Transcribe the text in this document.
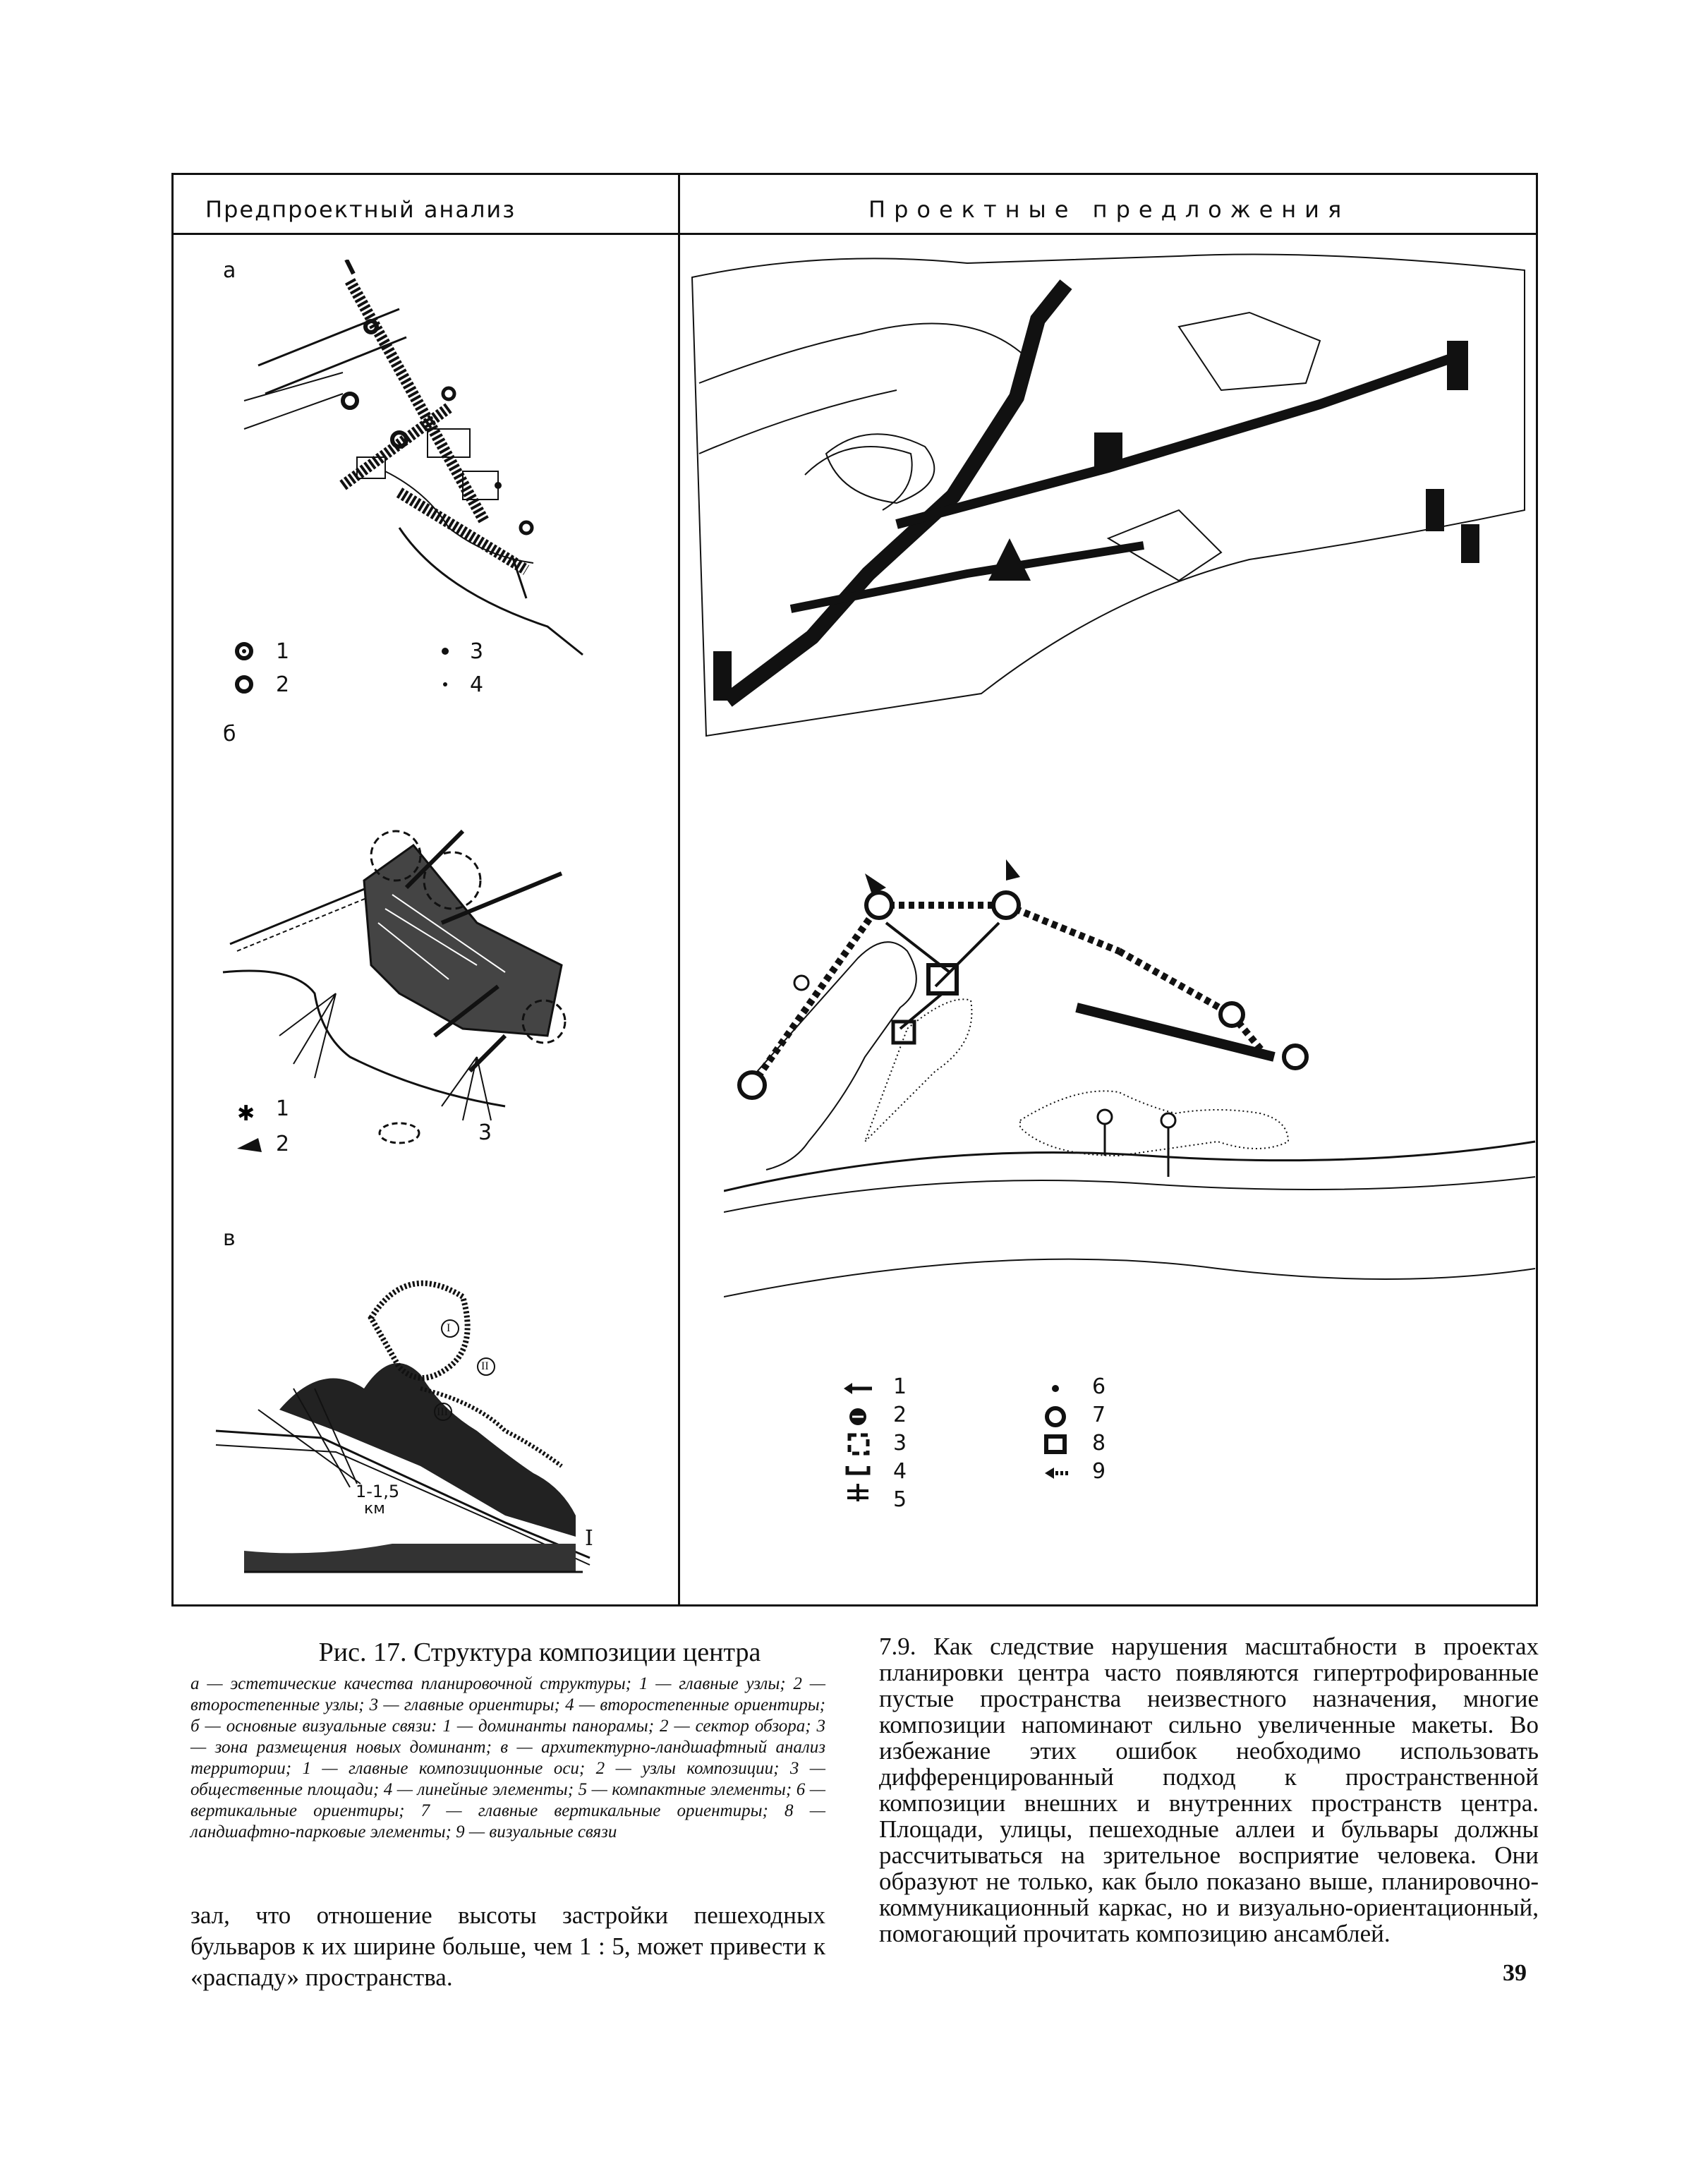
Предпроектный анализ	Проектные предложения
а
1
2
3
4
б
✱ 1
2	3
в
1-1,5
км
I
I
II
III
1
2
3
4
5
6
7
8
9
Рис. 17. Структура композиции центра
а — эстетические качества планировочной структуры; 1 — главные узлы; 2 — второстепенные узлы; 3 — главные ориентиры; 4 — второстепенные ориентиры; б — основные визуальные связи: 1 — доминанты панорамы; 2 — сектор обзора; 3 — зона размещения новых доминант; в — архитектурно-ландшафтный анализ территории; 1 — главные композиционные оси; 2 — узлы композиции; 3 — общественные площади; 4 — линейные элементы; 5 — компактные элементы; 6 — вертикальные ориентиры; 7 — главные вертикальные ориентиры; 8 — ландшафтно-парковые элементы; 9 — визуальные связи
зал, что отношение высоты застройки пешеходных бульваров к их ширине больше, чем 1 : 5, может привести к «распаду» пространства.
7.9. Как следствие нарушения масштабности в проектах планировки центра часто появляются гипертрофированные пустые пространства неизвестного назначения, многие композиции напоминают сильно увеличенные макеты. Во избежание этих ошибок необходимо использовать дифференцированный подход к пространственной композиции внешних и внутренних пространств центра. Площади, улицы, пешеходные аллеи и бульвары должны рассчитываться на зрительное восприятие человека. Они образуют не только, как было показано выше, планировочно-коммуникационный каркас, но и визуально-ориентационный, помогающий прочитать композицию ансамблей.
39
